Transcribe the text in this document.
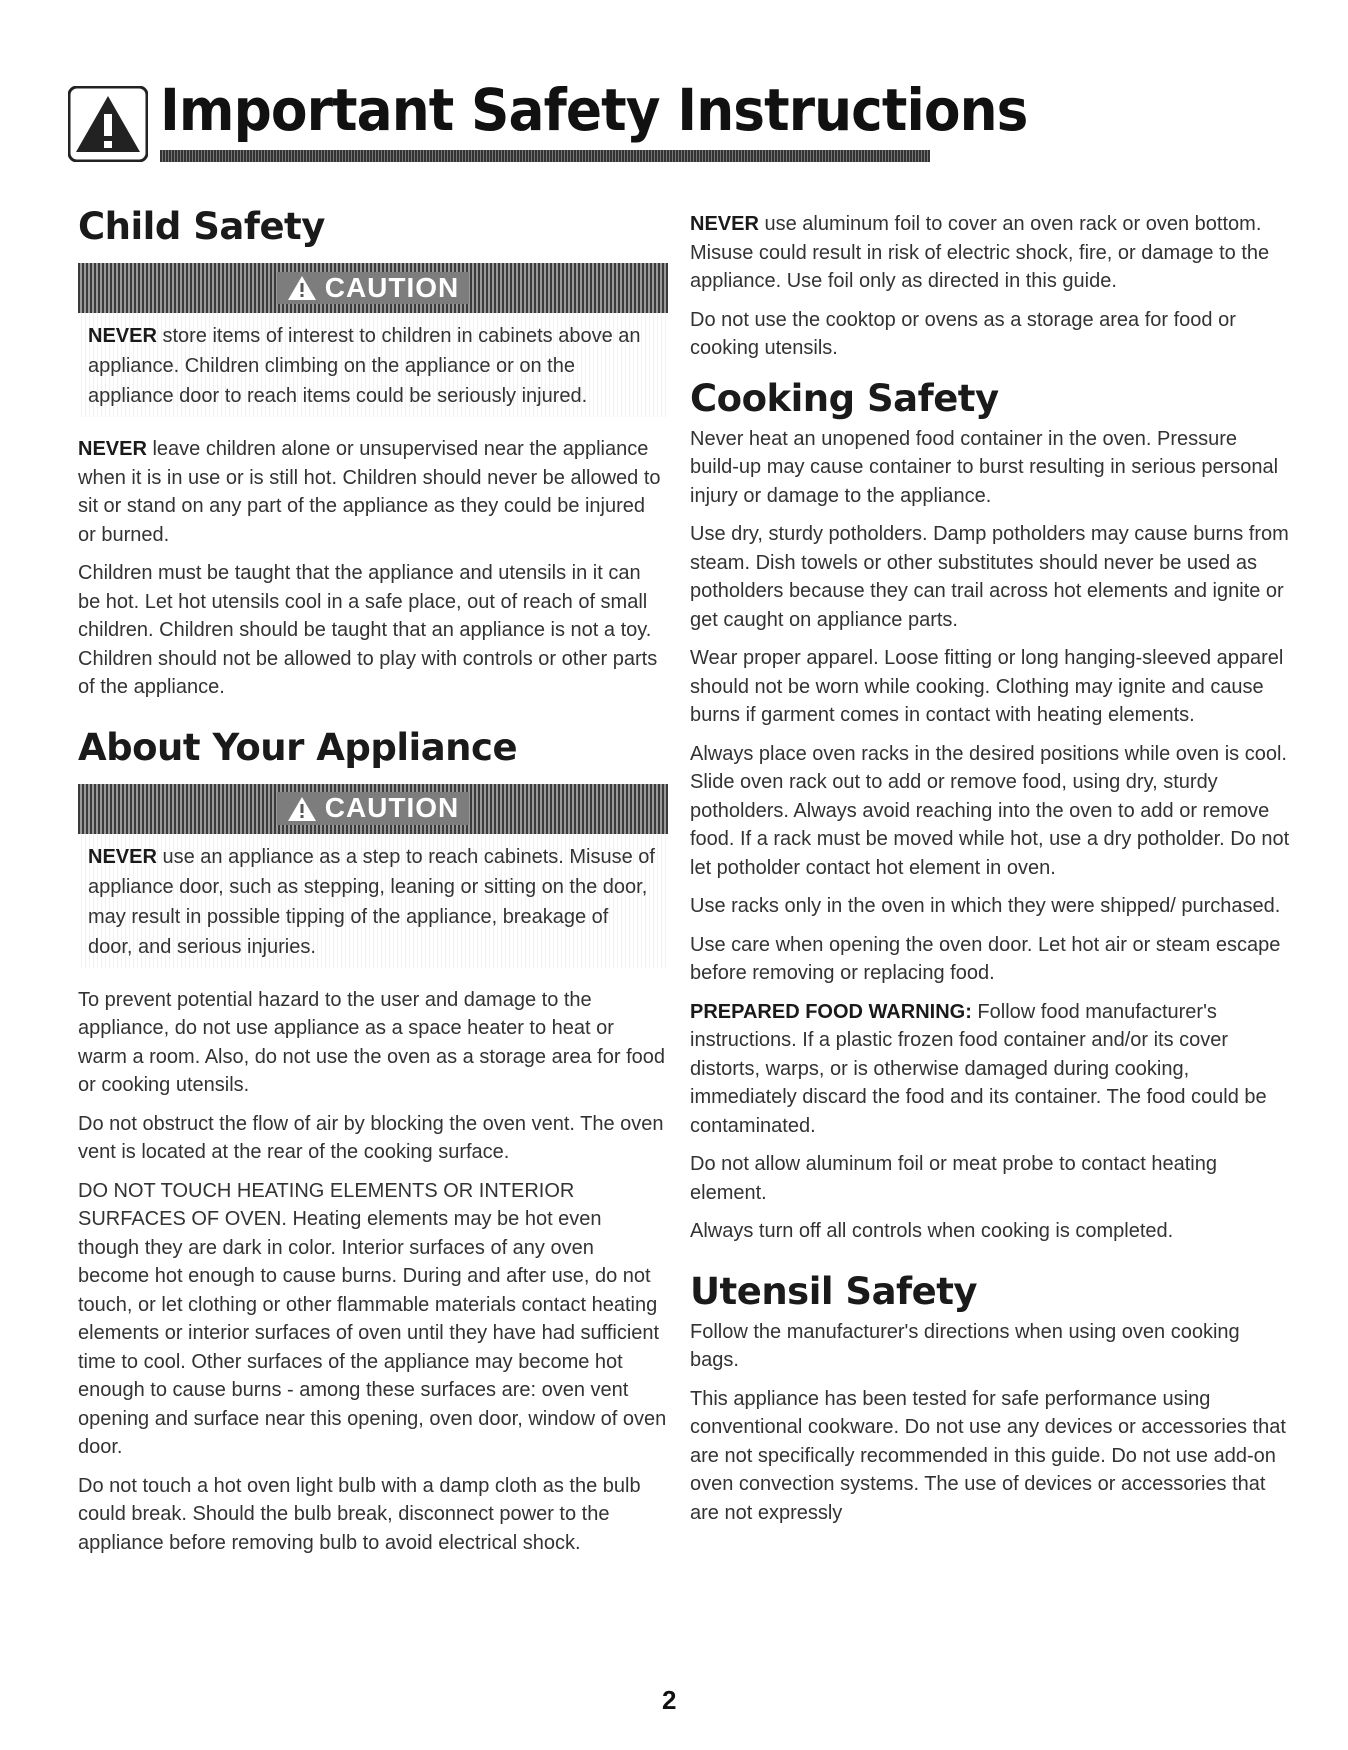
Important Safety Instructions
Child Safety
CAUTION
NEVER store items of interest to children in cabinets above an appliance. Children climbing on the appliance or on the appliance door to reach items could be seriously injured.

NEVER leave children alone or unsupervised near the appliance when it is in use or is still hot. Children should never be allowed to sit or stand on any part of the appliance as they could be injured or burned.

Children must be taught that the appliance and utensils in it can be hot. Let hot utensils cool in a safe place, out of reach of small children. Children should be taught that an appliance is not a toy. Children should not be allowed to play with controls or other parts of the appliance.

About Your Appliance
CAUTION
NEVER use an appliance as a step to reach cabinets. Misuse of appliance door, such as stepping, leaning or sitting on the door, may result in possible tipping of the appliance, breakage of door, and serious injuries.

To prevent potential hazard to the user and damage to the appliance, do not use appliance as a space heater to heat or warm a room. Also, do not use the oven as a storage area for food or cooking utensils.

Do not obstruct the flow of air by blocking the oven vent. The oven vent is located at the rear of the cooking surface.

DO NOT TOUCH HEATING ELEMENTS OR INTERIOR SURFACES OF OVEN. Heating elements may be hot even though they are dark in color. Interior surfaces of any oven become hot enough to cause burns. During and after use, do not touch, or let clothing or other flammable materials contact heating elements or interior surfaces of oven until they have had sufficient time to cool. Other surfaces of the appliance may become hot enough to cause burns - among these surfaces are: oven vent opening and surface near this opening, oven door, window of oven door.

Do not touch a hot oven light bulb with a damp cloth as the bulb could break. Should the bulb break, disconnect power to the appliance before removing bulb to avoid electrical shock.

NEVER use aluminum foil to cover an oven rack or oven bottom. Misuse could result in risk of electric shock, fire, or damage to the appliance. Use foil only as directed in this guide.

Do not use the cooktop or ovens as a storage area for food or cooking utensils.

Cooking Safety

Never heat an unopened food container in the oven. Pressure build-up may cause container to burst resulting in serious personal injury or damage to the appliance.

Use dry, sturdy potholders. Damp potholders may cause burns from steam. Dish towels or other substitutes should never be used as potholders because they can trail across hot elements and ignite or get caught on appliance parts.

Wear proper apparel. Loose fitting or long hanging-sleeved apparel should not be worn while cooking. Clothing may ignite and cause burns if garment comes in contact with heating elements.

Always place oven racks in the desired positions while oven is cool. Slide oven rack out to add or remove food, using dry, sturdy potholders. Always avoid reaching into the oven to add or remove food. If a rack must be moved while hot, use a dry potholder. Do not let potholder contact hot element in oven.

Use racks only in the oven in which they were shipped/ purchased.

Use care when opening the oven door. Let hot air or steam escape before removing or replacing food.

PREPARED FOOD WARNING: Follow food manufacturer's instructions. If a plastic frozen food container and/or its cover distorts, warps, or is otherwise damaged during cooking, immediately discard the food and its container. The food could be contaminated.

Do not allow aluminum foil or meat probe to contact heating element.

Always turn off all controls when cooking is completed.

Utensil Safety

Follow the manufacturer's directions when using oven cooking bags.

This appliance has been tested for safe performance using conventional cookware. Do not use any devices or accessories that are not specifically recommended in this guide. Do not use add-on oven convection systems. The use of devices or accessories that are not expressly

2
